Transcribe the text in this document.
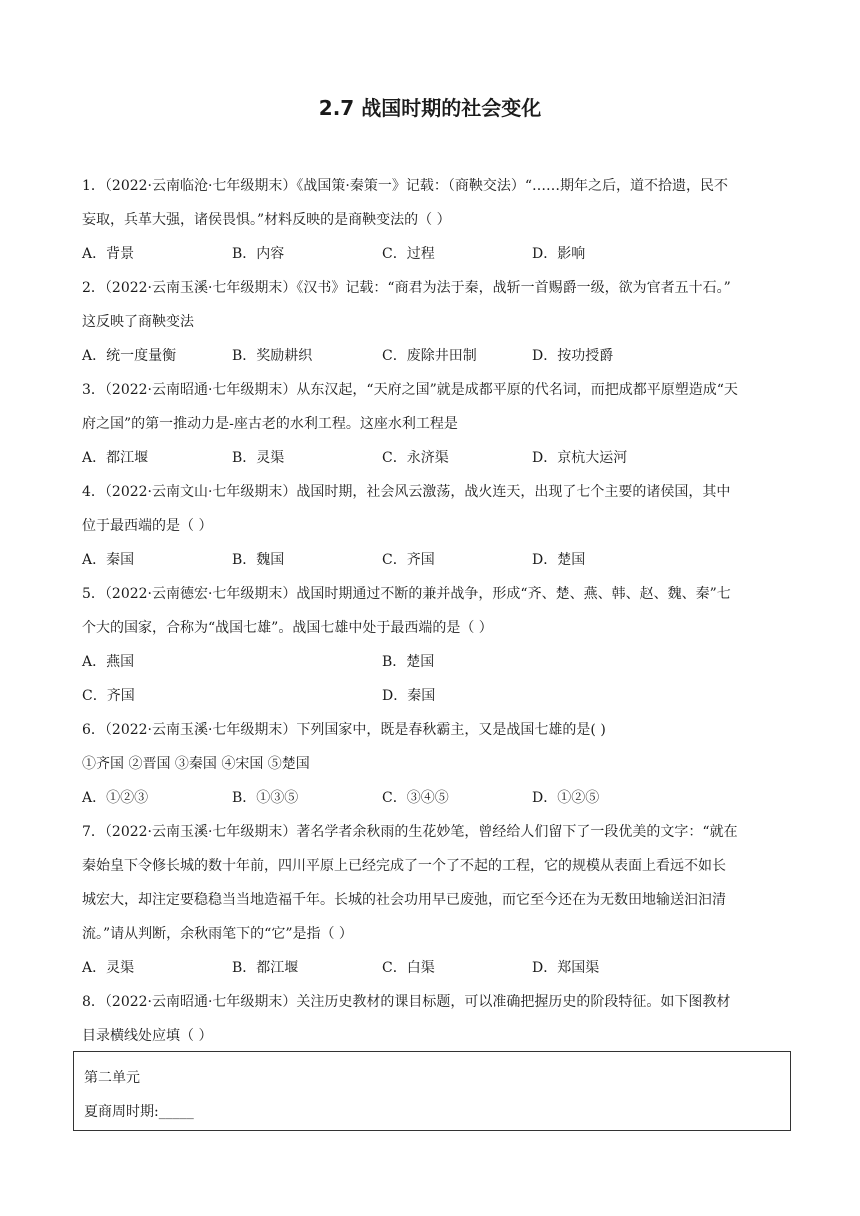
2.7 战国时期的社会变化
1．（2022·云南临沧·七年级期末）《战国策·秦策一》记载：（商鞅交法）“……期年之后，道不拾遗，民不
妄取，兵革大强，诸侯畏惧。”材料反映的是商鞅变法的（ ）
A．背景	B．内容	C．过程	D．影响
2．（2022·云南玉溪·七年级期末）《汉书》记载：“商君为法于秦，战斩一首赐爵一级，欲为官者五十石。”
这反映了商鞅变法
A．统一度量衡	B．奖励耕织	C．废除井田制	D．按功授爵
3．（2022·云南昭通·七年级期末）从东汉起，“天府之国”就是成都平原的代名词，而把成都平原塑造成“天
府之国”的第一推动力是-座古老的水利工程。这座水利工程是
A．都江堰	B．灵渠	C．永济渠	D．京杭大运河
4．（2022·云南文山·七年级期末）战国时期，社会风云激荡，战火连天，出现了七个主要的诸侯国，其中
位于最西端的是（ ）
A．秦国	B．魏国	C．齐国	D．楚国
5．（2022·云南德宏·七年级期末）战国时期通过不断的兼并战争，形成“齐、楚、燕、韩、赵、魏、秦”七
个大的国家，合称为“战国七雄”。战国七雄中处于最西端的是（ ）
A．燕国	B．楚国
C．齐国	D．秦国
6．（2022·云南玉溪·七年级期末）下列国家中，既是春秋霸主，又是战国七雄的是( )
①齐国 ②晋国 ③秦国 ④宋国 ⑤楚国
A．①②③	B．①③⑤	C．③④⑤	D．①②⑤
7．（2022·云南玉溪·七年级期末）著名学者余秋雨的生花妙笔，曾经给人们留下了一段优美的文字：“就在
秦始皇下令修长城的数十年前，四川平原上已经完成了一个了不起的工程，它的规模从表面上看远不如长
城宏大，却注定要稳稳当当地造福千年。长城的社会功用早已废弛，而它至今还在为无数田地输送汩汩清
流。”请从判断，余秋雨笔下的“它”是指（ ）
A．灵渠	B．都江堰	C．白渠	D．郑国渠
8．（2022·云南昭通·七年级期末）关注历史教材的课目标题，可以准确把握历史的阶段特征。如下图教材
目录横线处应填（ ）
第二单元
夏商周时期:_____
